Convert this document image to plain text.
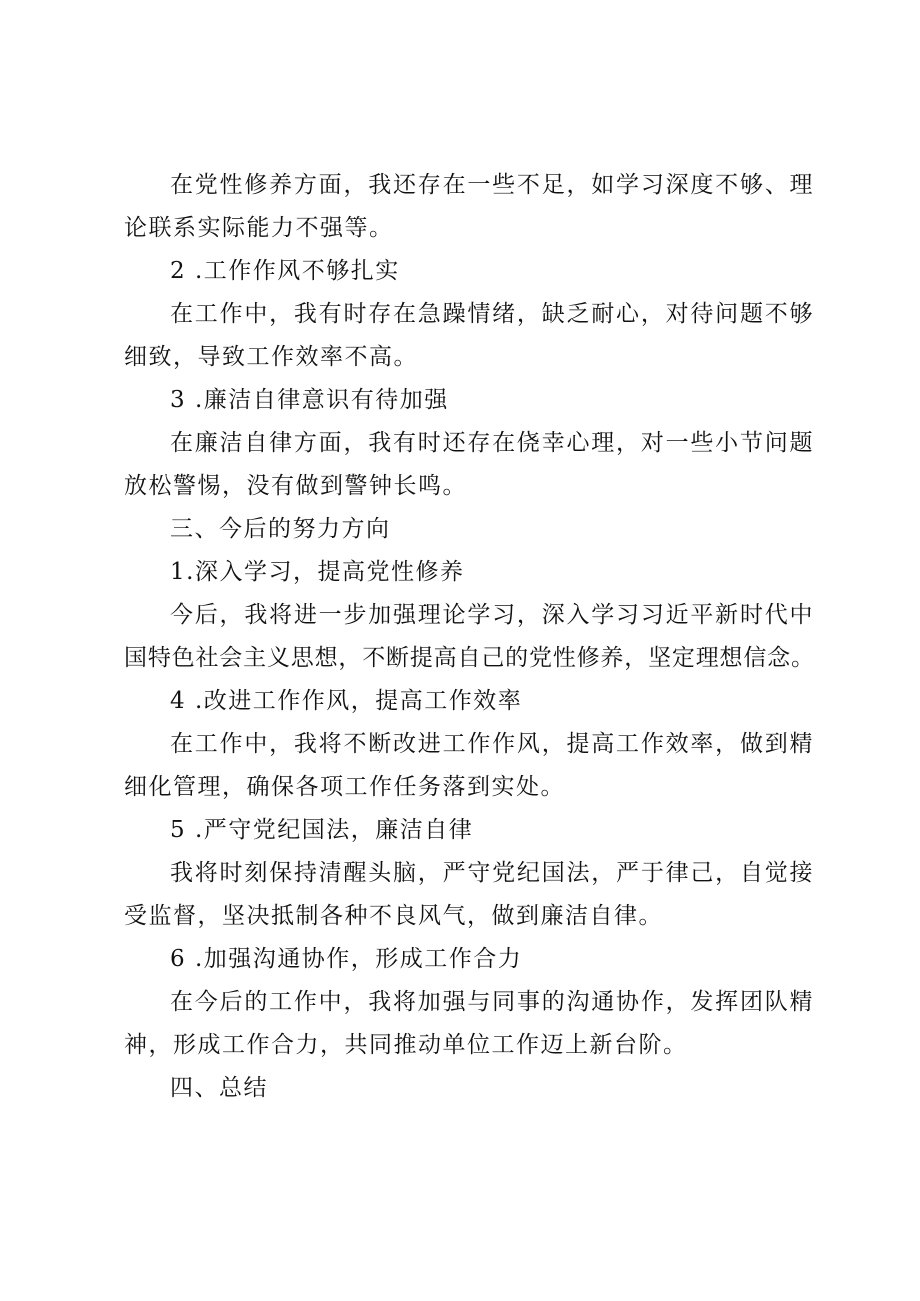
在党性修养方面，我还存在一些不足，如学习深度不够、理
论联系实际能力不强等。
2 .工作作风不够扎实
在工作中，我有时存在急躁情绪，缺乏耐心，对待问题不够
细致，导致工作效率不高。
3 .廉洁自律意识有待加强
在廉洁自律方面，我有时还存在侥幸心理，对一些小节问题
放松警惕，没有做到警钟长鸣。
三、今后的努力方向
1.深入学习，提高党性修养
今后，我将进一步加强理论学习，深入学习习近平新时代中
国特色社会主义思想，不断提高自己的党性修养，坚定理想信念。
4 .改进工作作风，提高工作效率
在工作中，我将不断改进工作作风，提高工作效率，做到精
细化管理，确保各项工作任务落到实处。
5 .严守党纪国法，廉洁自律
我将时刻保持清醒头脑，严守党纪国法，严于律己，自觉接
受监督，坚决抵制各种不良风气，做到廉洁自律。
6 .加强沟通协作，形成工作合力
在今后的工作中，我将加强与同事的沟通协作，发挥团队精
神，形成工作合力，共同推动单位工作迈上新台阶。
四、总结
